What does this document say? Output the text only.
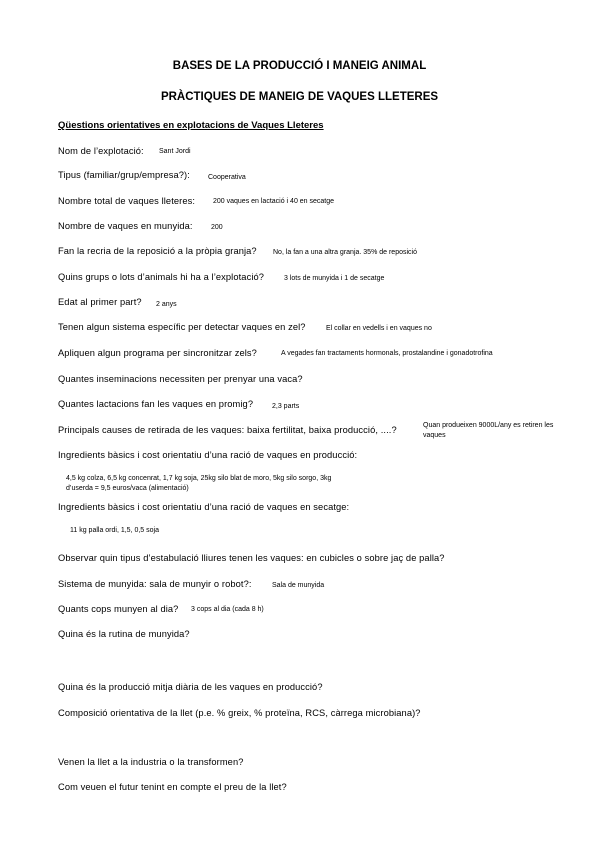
BASES DE LA PRODUCCIÓ I MANEIG ANIMAL
PRÀCTIQUES DE MANEIG DE VAQUES LLETERES
Qüestions orientatives en explotacions de Vaques Lleteres
Nom de l’explotació: Sant Jordi
Tipus (familiar/grup/empresa?):	Cooperativa
Nombre total de vaques lleteres:	200 vaques en lactació i 40 en secatge
Nombre de vaques en munyida:	200
Fan la recria de la reposició a la pròpia granja? No, la fan a una altra granja. 35% de reposició
Quins grups o lots d’animals hi ha a l’explotació?	3 lots de munyida i 1 de secatge
Edat al primer part? 2 anys
Tenen algun sistema específic per detectar vaques en zel?	El collar en vedells i en vaques no
Apliquen algun programa per sincronitzar zels?	A vegades fan tractaments hormonals, prostalandine i gonadotrofina
Quantes inseminacions necessiten per prenyar una vaca?
Quantes lactacions fan les vaques en promig?	2,3 parts
Principals causes de retirada de les vaques: baixa fertilitat, baixa producció, ....?	Quan produeixen 9000L/any es retiren les vaques
Ingredients bàsics i cost orientatiu d’una ració de vaques en producció:
4,5 kg colza, 6,5 kg concenrat, 1,7 kg soja, 25kg silo blat de moro, 5kg silo sorgo, 3kg d’userda = 9,5 euros/vaca (alimentació)
Ingredients bàsics i cost orientatiu d’una ració de vaques en secatge:
11 kg palla ordi, 1,5, 0,5 soja
Observar quin tipus d’estabulació lliures tenen les vaques: en cubicles o sobre jaç de palla?
Sistema de munyida: sala de munyir o robot?:	Sala de munyida
Quants cops munyen al dia? 3 cops al dia (cada 8 h)
Quina és la rutina de munyida?
Quina és la producció mitja diària de les vaques en producció?
Composició orientativa de la llet (p.e. % greix, % proteïna, RCS, càrrega microbiana)?
Venen la llet a la industria o la transformen?
Com veuen el futur tenint en compte el preu de la llet?
